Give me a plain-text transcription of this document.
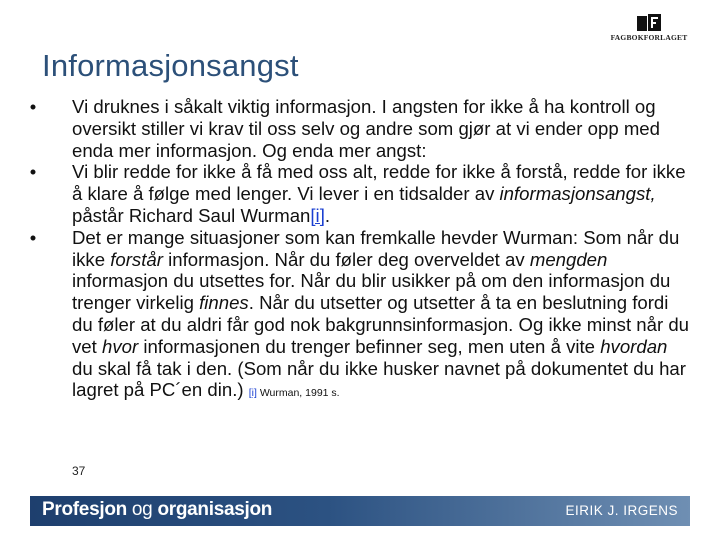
FAGBOKFORLAGET
Informasjonsangst
• Vi druknes i såkalt viktig informasjon. I angsten for ikke å ha kontroll og oversikt stiller vi krav til oss selv og andre som gjør at vi ender opp med enda mer informasjon. Og enda mer angst:
• Vi blir redde for ikke å få med oss alt, redde for ikke å forstå, redde for ikke å klare å følge med lenger. Vi lever i en tidsalder av informasjonsangst, påstår Richard Saul Wurman[i].
• Det er mange situasjoner som kan fremkalle hevder Wurman: Som når du ikke forstår informasjon. Når du føler deg overveldet av mengden informasjon du utsettes for. Når du blir usikker på om den informasjon du trenger virkelig finnes. Når du utsetter og utsetter å ta en beslutning fordi du føler at du aldri får god nok bakgrunnsinformasjon. Og ikke minst når du vet hvor informasjonen du trenger befinner seg, men uten å vite hvordan du skal få tak i den. (Som når du ikke husker navnet på dokumentet du har lagret på PC´en din.) [i] Wurman, 1991 s.
37
Profesjon og organisasjon	EIRIK J. IRGENS
